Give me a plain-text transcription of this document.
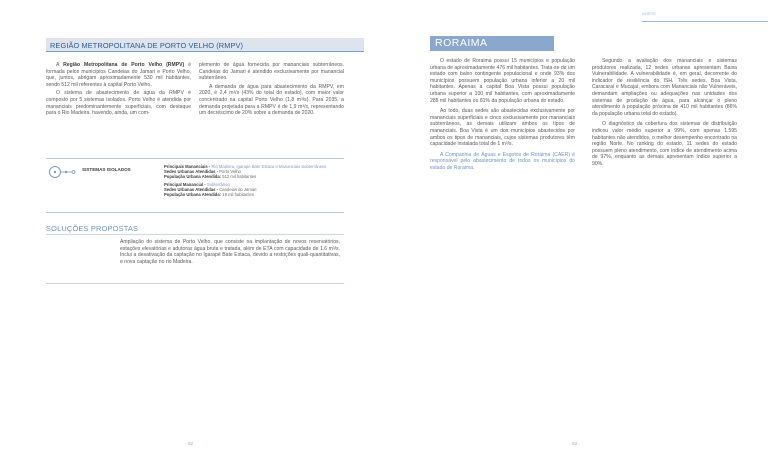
REGIÃO METROPOLITANA DE PORTO VELHO (RMPV)

A Região Metropolitana de Porto Velho (RMPV) é formada pelos municípios Candeias do Jamari e Porto Velho, que, juntos, abrigam aproximadamente 530 mil habitantes, sendo 512 mil referentes à capital Porto Velho.

O sistema de abastecimento de água da RMPV é composto por 5 sistemas isolados. Porto Velho é atendida por mananciais predominantemente superficiais, com destaque para o Rio Madeira, havendo, ainda, um com-

plemento de água fornecida por mananciais subterrâneos. Candeias do Jamari é atendido exclusivamente por manancial subterrâneo.

A demanda de água para abastecimento da RMPV, em 2020, é 2,4 m³/s (43% do total do estado), com maior valor concentrado na capital Porto Velho (1,8 m³/s). Para 2035, a demanda projetada para a RMPV é de 1,9 m³/s, representando um decréscimo de 20% sobre a demanda de 2020.

SISTEMAS ISOLADOS
Principais Mananciais - Rio Madeira, Igarapé Bate Estaca e Mananciais Subterrâneos
Sedes Urbanas Atendidas - Porto Velho
População Urbana Atendida: 512 mil habitantes
Principal Manancial - Subterrâneo
Sedes Urbanas Atendidas - Candeias do Jamari
População Urbana Atendida: 19 mil habitantes
SOLUÇÕES PROPOSTAS

Ampliação do sistema de Porto Velho, que consiste na implantação de novos reservatórios, estações elevatórias e adutoras água bruta e tratada, além de ETA com capacidade de 1,6 m³/s. Inclui a desativação da captação no Igarapé Bate Estaca, devido a restrições quali-quantitativas, e nova captação no rio Madeira.

52
RORAIMA

O estado de Roraima possui 15 municípios e população urbana de aproximadamente 476 mil habitantes. Trata-se de um estado com baixo contingente populacional e onde 93% dos municípios possuem população urbana inferior a 20 mil habitantes. Apenas a capital Boa Vista possui população urbana superior a 100 mil habitantes, com aproximadamente 285 mil habitantes ou 81% da população urbana do estado.

Ao todo, duas sedes são abastecidas exclusivamente por mananciais superficiais e cinco exclusivamente por mananciais subterrâneos, as demais utilizam ambos os tipos de mananciais. Boa Vista é um dos municípios abastecidos por ambos os tipos de mananciais, cujos sistemas produtores têm capacidade instalada total de 1 m³/s.

A Companhia de Águas e Esgotos de Roraima (CAER) é responsável pelo abastecimento de todos os municípios do estado de Roraima.

Segundo a avaliação dos mananciais e sistemas produtores realizada, 12 sedes urbanas apresentam Baixa Vulnerabilidade. A vulnerabilidade é, em geral, decorrente do indicador de resiliência do ISH. Três sedes, Boa Vista, Caracaraí e Mucajaí, embora com Mananciais não Vulneráveis, demandam ampliações ou adequações nas unidades dos sistemas de produção de água, para alcançar o pleno atendimento à população próxima de 410 mil habitantes (86% da população urbana total do estado).

O diagnóstico da cobertura dos sistemas de distribuição indicou valor médio superior a 99%, com apenas 1.595 habitantes não atendidos, o melhor desempenho encontrado na região Norte. No ranking do estado, 11 sedes do estado possuem pleno atendimento, com índice de atendimento acima de 97%, enquanto as demais apresentam índice superior a 90%.

53
NORTE
